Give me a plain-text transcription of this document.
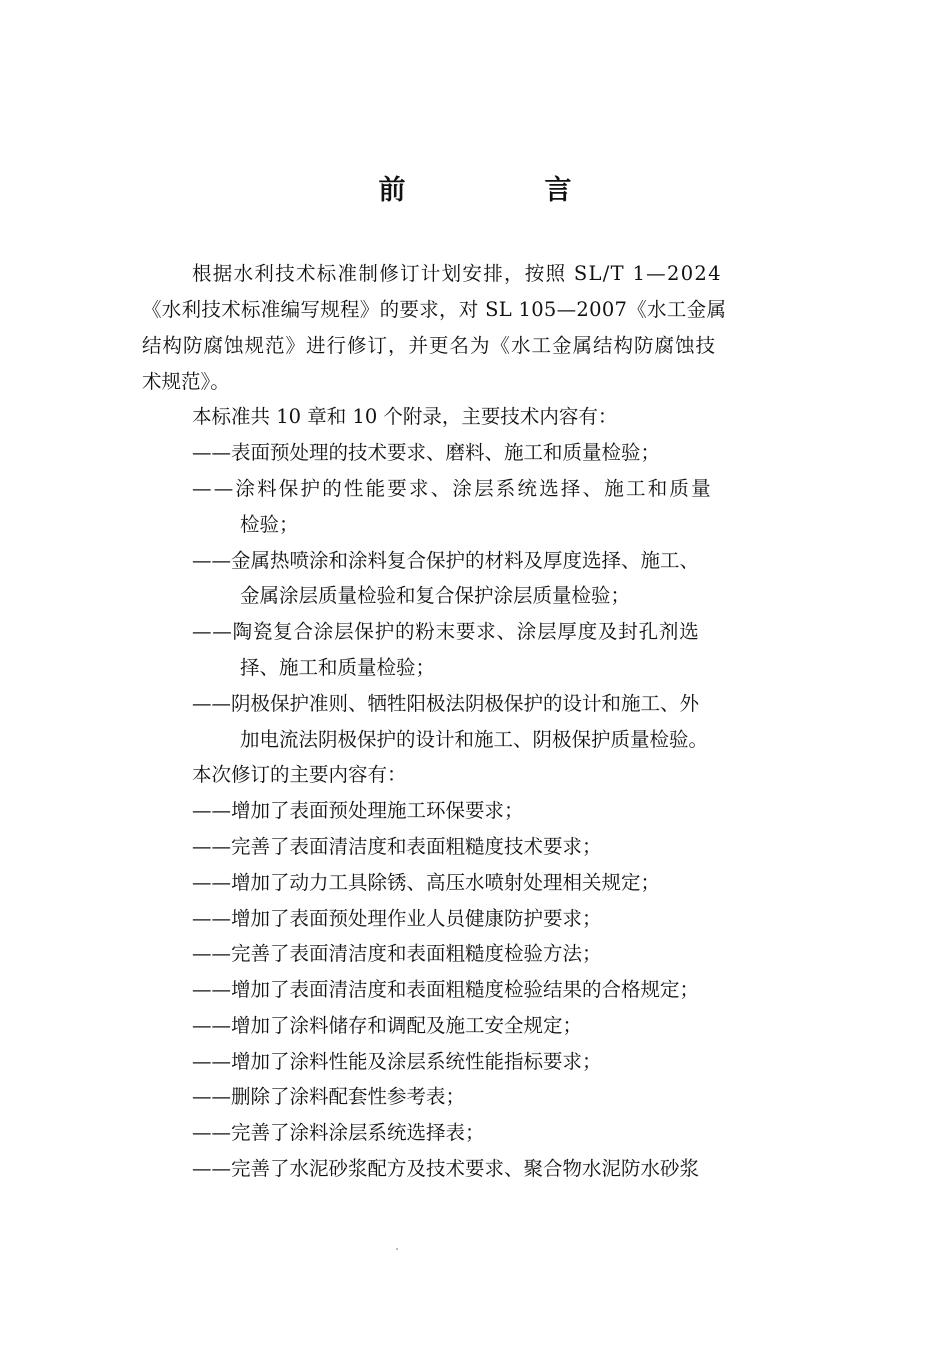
前　言
根据水利技术标准制修订计划安排，按照 SL/T 1—2024
《水利技术标准编写规程》的要求，对 SL 105—2007《水工金属
结构防腐蚀规范》进行修订，并更名为《水工金属结构防腐蚀技
术规范》。
本标准共 10 章和 10 个附录，主要技术内容有：
——表面预处理的技术要求、磨料、施工和质量检验；
——涂料保护的性能要求、涂层系统选择、施工和质量
检验；
——金属热喷涂和涂料复合保护的材料及厚度选择、施工、
金属涂层质量检验和复合保护涂层质量检验；
——陶瓷复合涂层保护的粉末要求、涂层厚度及封孔剂选
择、施工和质量检验；
——阴极保护准则、牺牲阳极法阴极保护的设计和施工、外
加电流法阴极保护的设计和施工、阴极保护质量检验。
本次修订的主要内容有：
——增加了表面预处理施工环保要求；
——完善了表面清洁度和表面粗糙度技术要求；
——增加了动力工具除锈、高压水喷射处理相关规定；
——增加了表面预处理作业人员健康防护要求；
——完善了表面清洁度和表面粗糙度检验方法；
——增加了表面清洁度和表面粗糙度检验结果的合格规定；
——增加了涂料储存和调配及施工安全规定；
——增加了涂料性能及涂层系统性能指标要求；
——删除了涂料配套性参考表；
——完善了涂料涂层系统选择表；
——完善了水泥砂浆配方及技术要求、聚合物水泥防水砂浆
